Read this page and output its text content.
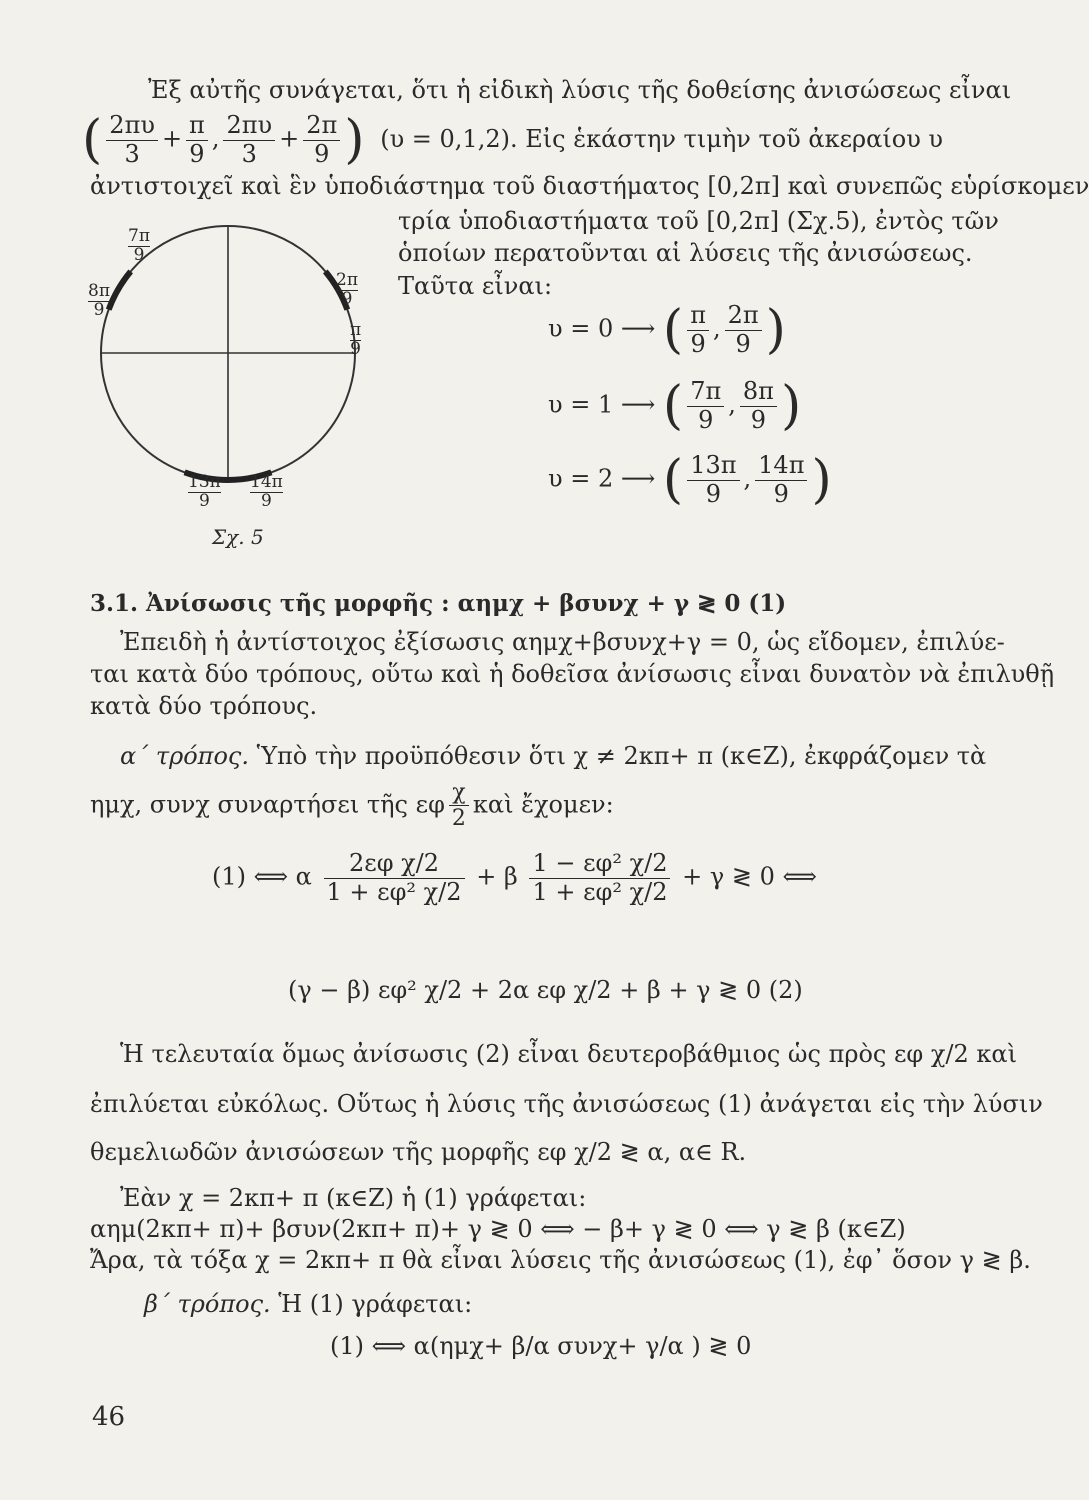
Ἐξ αὐτῆς συνάγεται, ὅτι ἡ εἰδικὴ λύσις τῆς δοθείσης ἀνισώσεως εἶναι
( $\frac{2\pi\upsilon}{3} + \frac{\pi}{9}$ , $\frac{2\pi\upsilon}{3} + \frac{2\pi}{9}$ ) (υ = 0,1,2). Εἰς ἑκάστην τιμὴν τοῦ ἀκεραίου υ
ἀντιστοιχεῖ καὶ ἓν ὑποδιάστημα τοῦ διαστήματος [0,2π] καὶ συνεπῶς εὑρίσκομεν
τρία ὑποδιαστήματα τοῦ [0,2π] (Σχ.5), ἐντὸς τῶν
ὁποίων περατοῦνται αἱ λύσεις τῆς ἀνισώσεως.
Ταῦτα εἶναι:
$\frac{7\pi}{9}$
$\frac{8\pi}{9}$	$\frac{2\pi}{9}$
$\frac{\pi}{9}$
$\frac{13\pi}{9} \frac{14\pi}{9}$
Σχ. 5
υ = 0 ⟶ ( $\frac{\pi}{9}$ , $\frac{2\pi}{9}$ )
υ = 1 ⟶ ( $\frac{7\pi}{9}$ , $\frac{8\pi}{9}$ )
υ = 2 ⟶ ( $\frac{13\pi}{9}$ , $\frac{14\pi}{9}$ )
3.1. Ἀνίσωσις τῆς μορφῆς : αημχ + βσυνχ + γ ≷ 0 (1)
Ἐπειδὴ ἡ ἀντίστοιχος ἐξίσωσις αημχ+βσυνχ+γ = 0, ὡς εἴδομεν, ἐπιλύε-
ται κατὰ δύο τρόπους, οὕτω καὶ ἡ δοθεῖσα ἀνίσωσις εἶναι δυνατὸν νὰ ἐπιλυθῇ
κατὰ δύο τρόπους.
α΄ τρόπος. Ὑπὸ τὴν προϋπόθεσιν ὅτι χ ≠ 2κπ+ π (κ∈Z), ἐκφράζομεν τὰ
ημχ, συνχ συναρτήσει τῆς εφ $\frac{\chi}{2}$ καὶ ἔχομεν:
(1) ⟺ α $\frac{\text{2εφ χ/2}}{\text{1 + εφ² χ/2}} + \beta \frac{\text{1 − εφ² χ/2}}{\text{1 + εφ² χ/2}} + \gamma$ ≷ 0 ⟺
(γ − β) εφ² χ/2 + 2α εφ χ/2 + β + γ ≷ 0 (2)
Ἡ τελευταία ὅμως ἀνίσωσις (2) εἶναι δευτεροβάθμιος ὡς πρὸς εφ χ/2 καὶ
ἐπιλύεται εὐκόλως. Οὕτως ἡ λύσις τῆς ἀνισώσεως (1) ἀνάγεται εἰς τὴν λύσιν
θεμελιωδῶν ἀνισώσεων τῆς μορφῆς εφ χ/2 ≷ α, α∈ R.
Ἐὰν χ = 2κπ+ π (κ∈Z) ἡ (1) γράφεται:
αημ(2κπ+ π)+ βσυν(2κπ+ π)+ γ ≷ 0 ⟺ − β+ γ ≷ 0 ⟺ γ ≷ β (κ∈Z)
Ἄρα, τὰ τόξα χ = 2κπ+ π θὰ εἶναι λύσεις τῆς ἀνισώσεως (1), ἐφ᾽ ὅσον γ ≷ β.
β΄ τρόπος. Ἡ (1) γράφεται:
(1) ⟺ α(ημχ+ β/α συνχ+ γ/α ) ≷ 0
46
